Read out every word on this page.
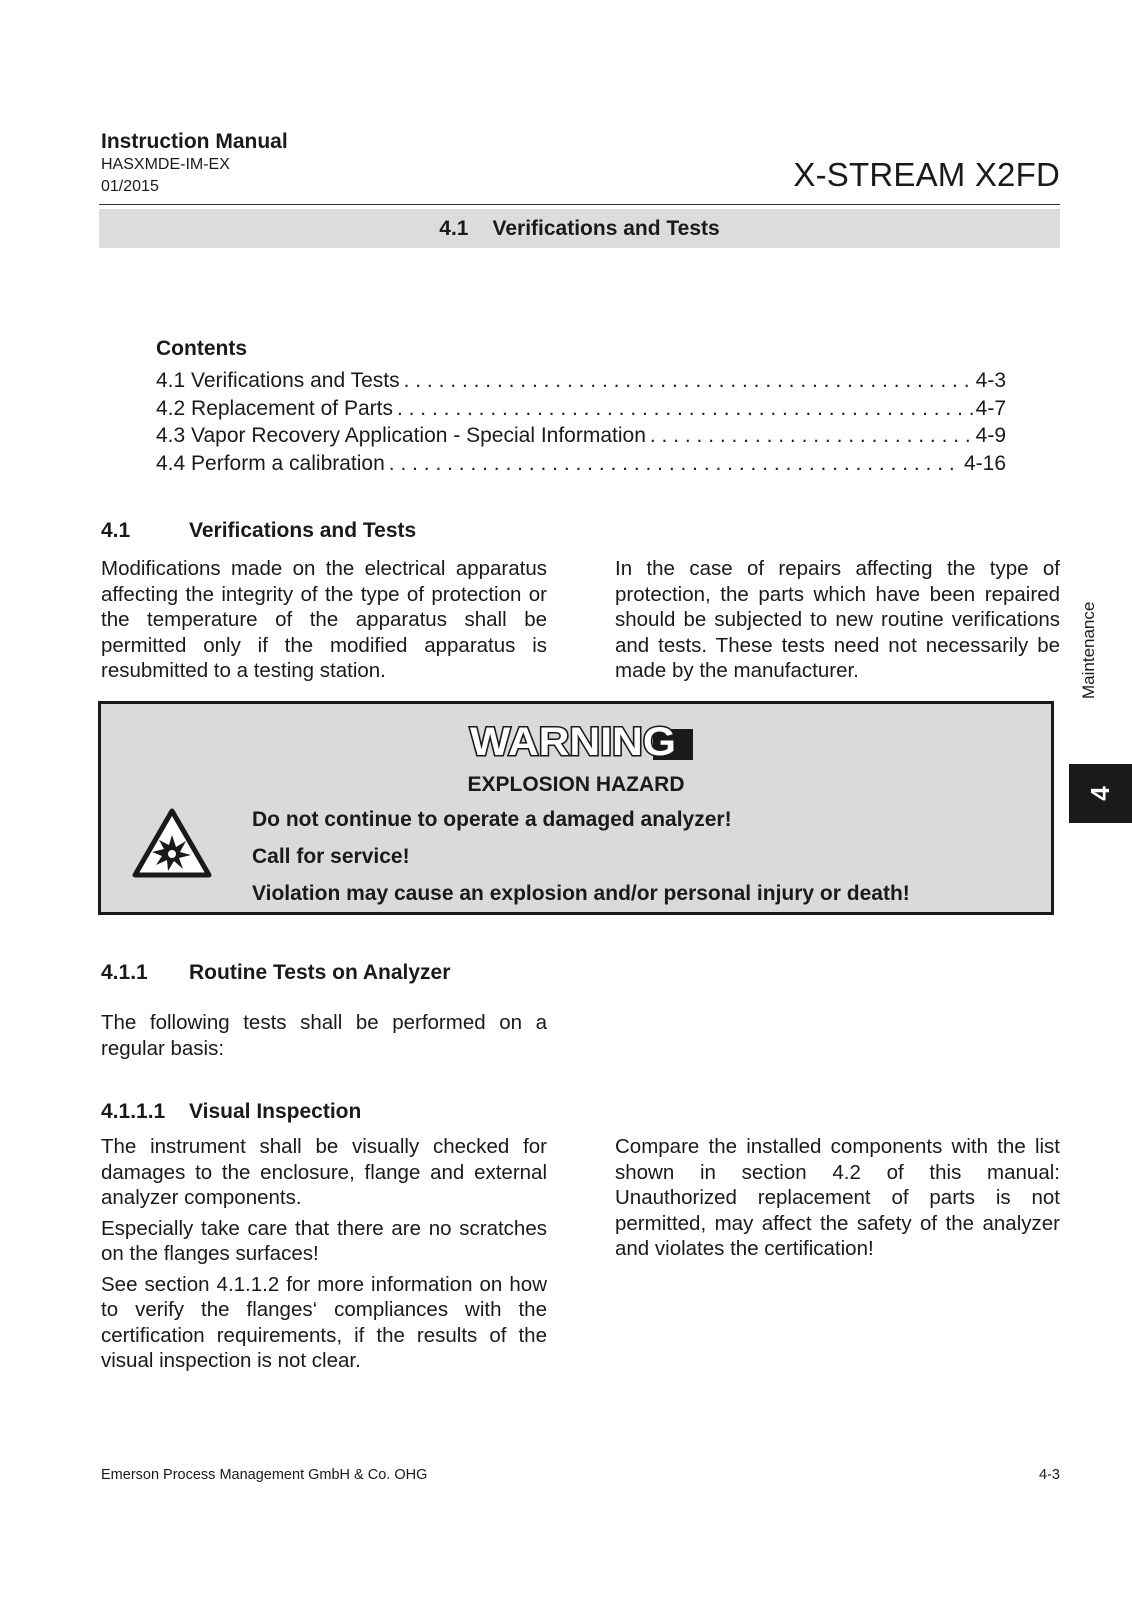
Instruction Manual
HASXMDE-IM-EX
01/2015	X-STREAM X2FD
4.1 Verifications and Tests
Contents
4.1 Verifications and Tests . . .	4-3
4.2 Replacement of Parts . . .	4-7
4.3 Vapor Recovery Application - Special Information . . .	4-9
4.4 Perform a calibration . . .	4-16
4.1	Verifications and Tests

Modifications made on the electrical apparatus affecting the integrity of the type of protection or the temperature of the apparatus shall be permitted only if the modified apparatus is resubmitted to a testing station.

In the case of repairs affecting the type of protection, the parts which have been repaired should be subjected to new routine verifications and tests. These tests need not necessarily be made by the manufacturer.

WARNING
EXPLOSION HAZARD
Do not continue to operate a damaged analyzer!
Call for service!
Violation may cause an explosion and/or personal injury or death!
Maintenance
4
4.1.1	Routine Tests on Analyzer

The following tests shall be performed on a regular basis:

4.1.1.1	Visual Inspection

The instrument shall be visually checked for damages to the enclosure, flange and external analyzer components.

Especially take care that there are no scratches on the flanges surfaces!

See section 4.1.1.2 for more information on how to verify the flanges‘ compliances with the certification requirements, if the results of the visual inspection is not clear.

Compare the installed components with the list shown in section 4.2 of this manual: Unauthorized replacement of parts is not permitted, may affect the safety of the analyzer and violates the certification!

Emerson Process Management GmbH & Co. OHG	4-3
